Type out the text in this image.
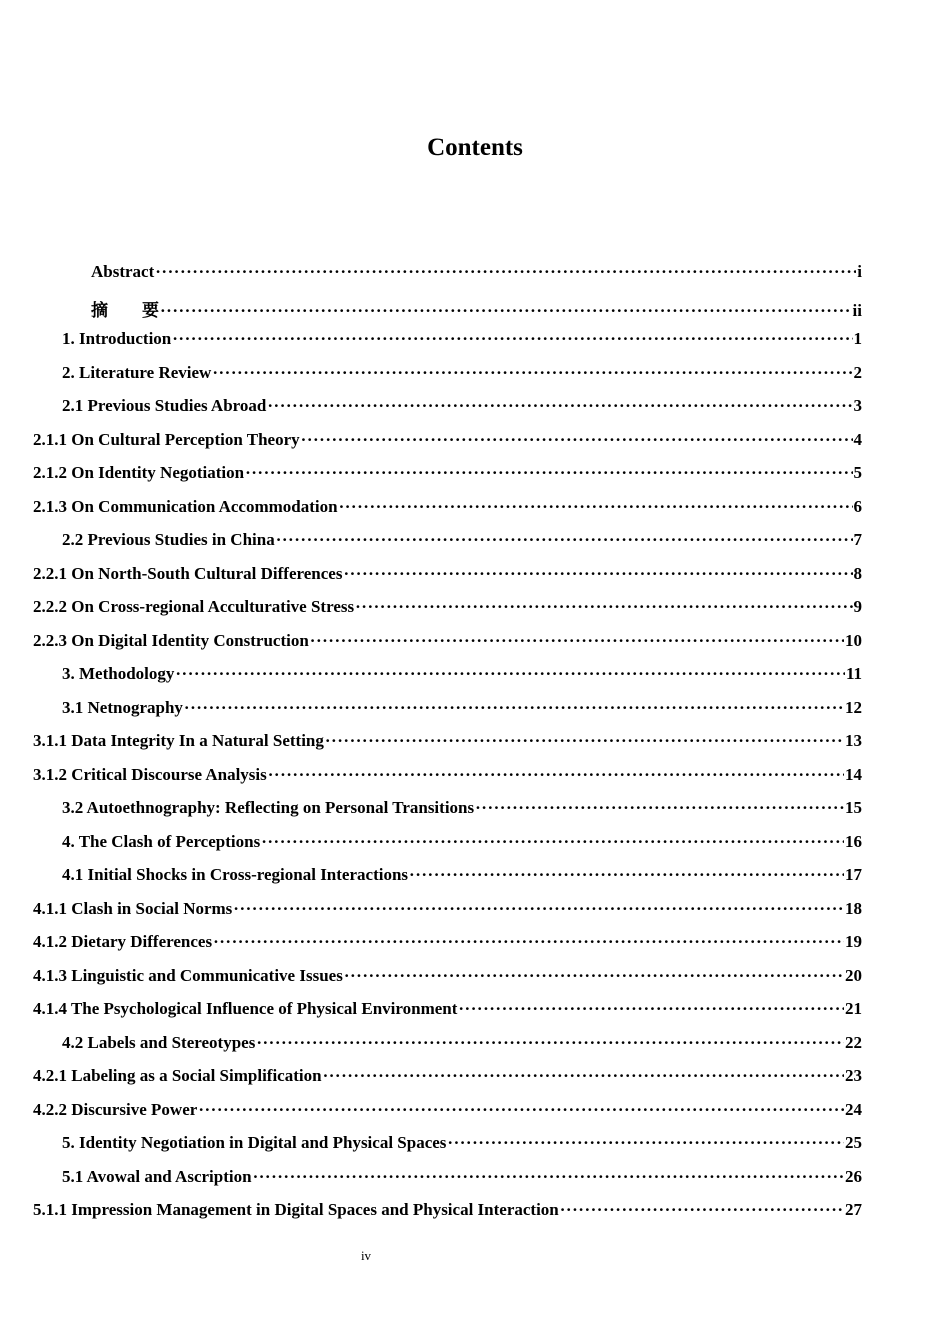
Contents
Abstract ·····	i
摘　　要 ·····	ii
1. Introduction ·····	1
2. Literature Review ·····	2
2.1 Previous Studies Abroad ·····	3
2.1.1 On Cultural Perception Theory ·····	4
2.1.2 On Identity Negotiation ·····	5
2.1.3 On Communication Accommodation ·····	6
2.2 Previous Studies in China ·····	7
2.2.1 On North-South Cultural Differences ·····	8
2.2.2 On Cross-regional Acculturative Stress ·····	9
2.2.3 On Digital Identity Construction ·····	10
3. Methodology ·····	11
3.1 Netnography ·····	12
3.1.1 Data Integrity In a Natural Setting ·····	13
3.1.2 Critical Discourse Analysis ·····	14
3.2 Autoethnography: Reflecting on Personal Transitions ·····	15
4. The Clash of Perceptions ·····	16
4.1 Initial Shocks in Cross-regional Interactions ·····	17
4.1.1 Clash in Social Norms ·····	18
4.1.2 Dietary Differences ·····	19
4.1.3 Linguistic and Communicative Issues ·····	20
4.1.4 The Psychological Influence of Physical Environment ·····	21
4.2 Labels and Stereotypes ·····	22
4.2.1 Labeling as a Social Simplification ·····	23
4.2.2 Discursive Power ·····	24
5. Identity Negotiation in Digital and Physical Spaces ·····	25
5.1 Avowal and Ascription ·····	26
5.1.1 Impression Management in Digital Spaces and Physical Interaction ·····	27
iv
